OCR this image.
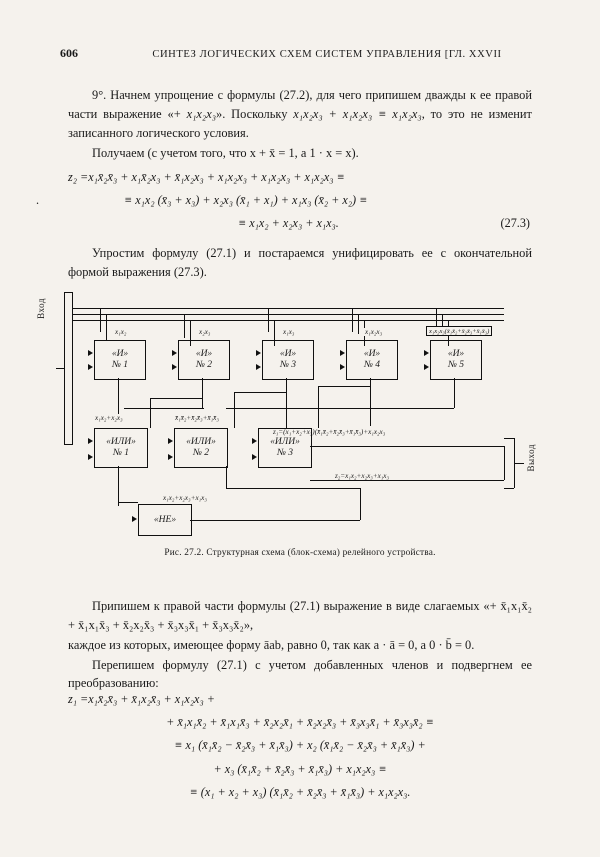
606	СИНТЕЗ ЛОГИЧЕСКИХ СХЕМ СИСТЕМ УПРАВЛЕНИЯ [ГЛ. XXVII

9°. Начнем упрощение с формулы (27.2), для чего припишем дважды к ее правой части выражение «+ x₁x₂x₃». Поскольку x₁x₂x₃ + x₁x₂x₃ ≡ x₁x₂x₃, то это не изменит записанного логического условия.

Получаем (с учетом того, что x + x̄ = 1, а 1 · x = x).

z₂ =x₁x̄₂x̄₃ + x₁x̄₂x₃ + x̄₁x₂x₃ + x₁x₂x₃ + x₁x₂x₃ + x₁x₂x₃ ≡
.	≡ x₁x₂ (x̄₃ + x₃) + x₂x₃ (x̄₁ + x₁) + x₁x₃ (x̄₂ + x₂) ≡
≡ x₁x₂ + x₂x₃ + x₁x₃.	(27.3)

Упростим формулу (27.1) и постараемся унифицировать ее с окончательной формой выражения (27.3).

Вход
x₁x₂	x₂x₃	x₁x₃	x₁x₂x₃	x₁x₂x₃(x̄₁x̄₂+x̄₂x̄₃+x̄₁x̄₃)
«И»
№ 1
«И»
№ 2
«И»
№ 3
«И»
№ 4
«И»
№ 5
x₁x₂+x₂x₃	x̄₁x̄₂+x̄₂x̄₃+x̄₁x̄₃
z₁=(x₁+x₂+x₃)(x̄₁x̄₂+x̄₂x̄₃+x̄₁x̄₃)+x₁x₂x₃
«ИЛИ»
№ 1
«ИЛИ»
№ 2
«ИЛИ»
№ 3
z₂=x₁x₂+x₂x₃+x₁x₃
Выход
x₁x₂+x₂x₃+x₁x₃
«НЕ»
Рис. 27.2. Структурная схема (блок-схема) релейного устройства.

Припишем к правой части формулы (27.1) выражение в виде слагаемых «+ x̄₁x₁x̄₂ + x̄₁x₁x̄₃ + x̄₂x₂x̄₃ + x̄₃x₃x̄₁ + x̄₃x₃x̄₂»,

каждое из которых, имеющее форму āab, равно 0, так как a · ā = 0, а 0 · b̄ = 0.

Перепишем формулу (27.1) с учетом добавленных членов и подвергнем ее преобразованию:

z₁ =x₁x̄₂x̄₃ + x̄₁x₂x̄₃ + x₁x₂x₃ +
+ x̄₁x₁x̄₂ + x̄₁x₁x̄₃ + x̄₂x₂x̄₁ + x̄₂x₂x̄₃ + x̄₃x₃x̄₁ + x̄₃x₃x̄₂ ≡
≡ x₁ (x̄₁x̄₂ − x̄₂x̄₃ + x̄₁x̄₃) + x₂ (x̄₁x̄₂ − x̄₂x̄₃ + x̄₁x̄₃) +
+ x₃ (x̄₁x̄₂ + x̄₂x̄₃ + x̄₁x̄₃) + x₁x₂x₃ ≡
≡ (x₁ + x₂ + x₃) (x̄₁x̄₂ + x̄₂x̄₃ + x̄₁x̄₃) + x₁x₂x₃.
